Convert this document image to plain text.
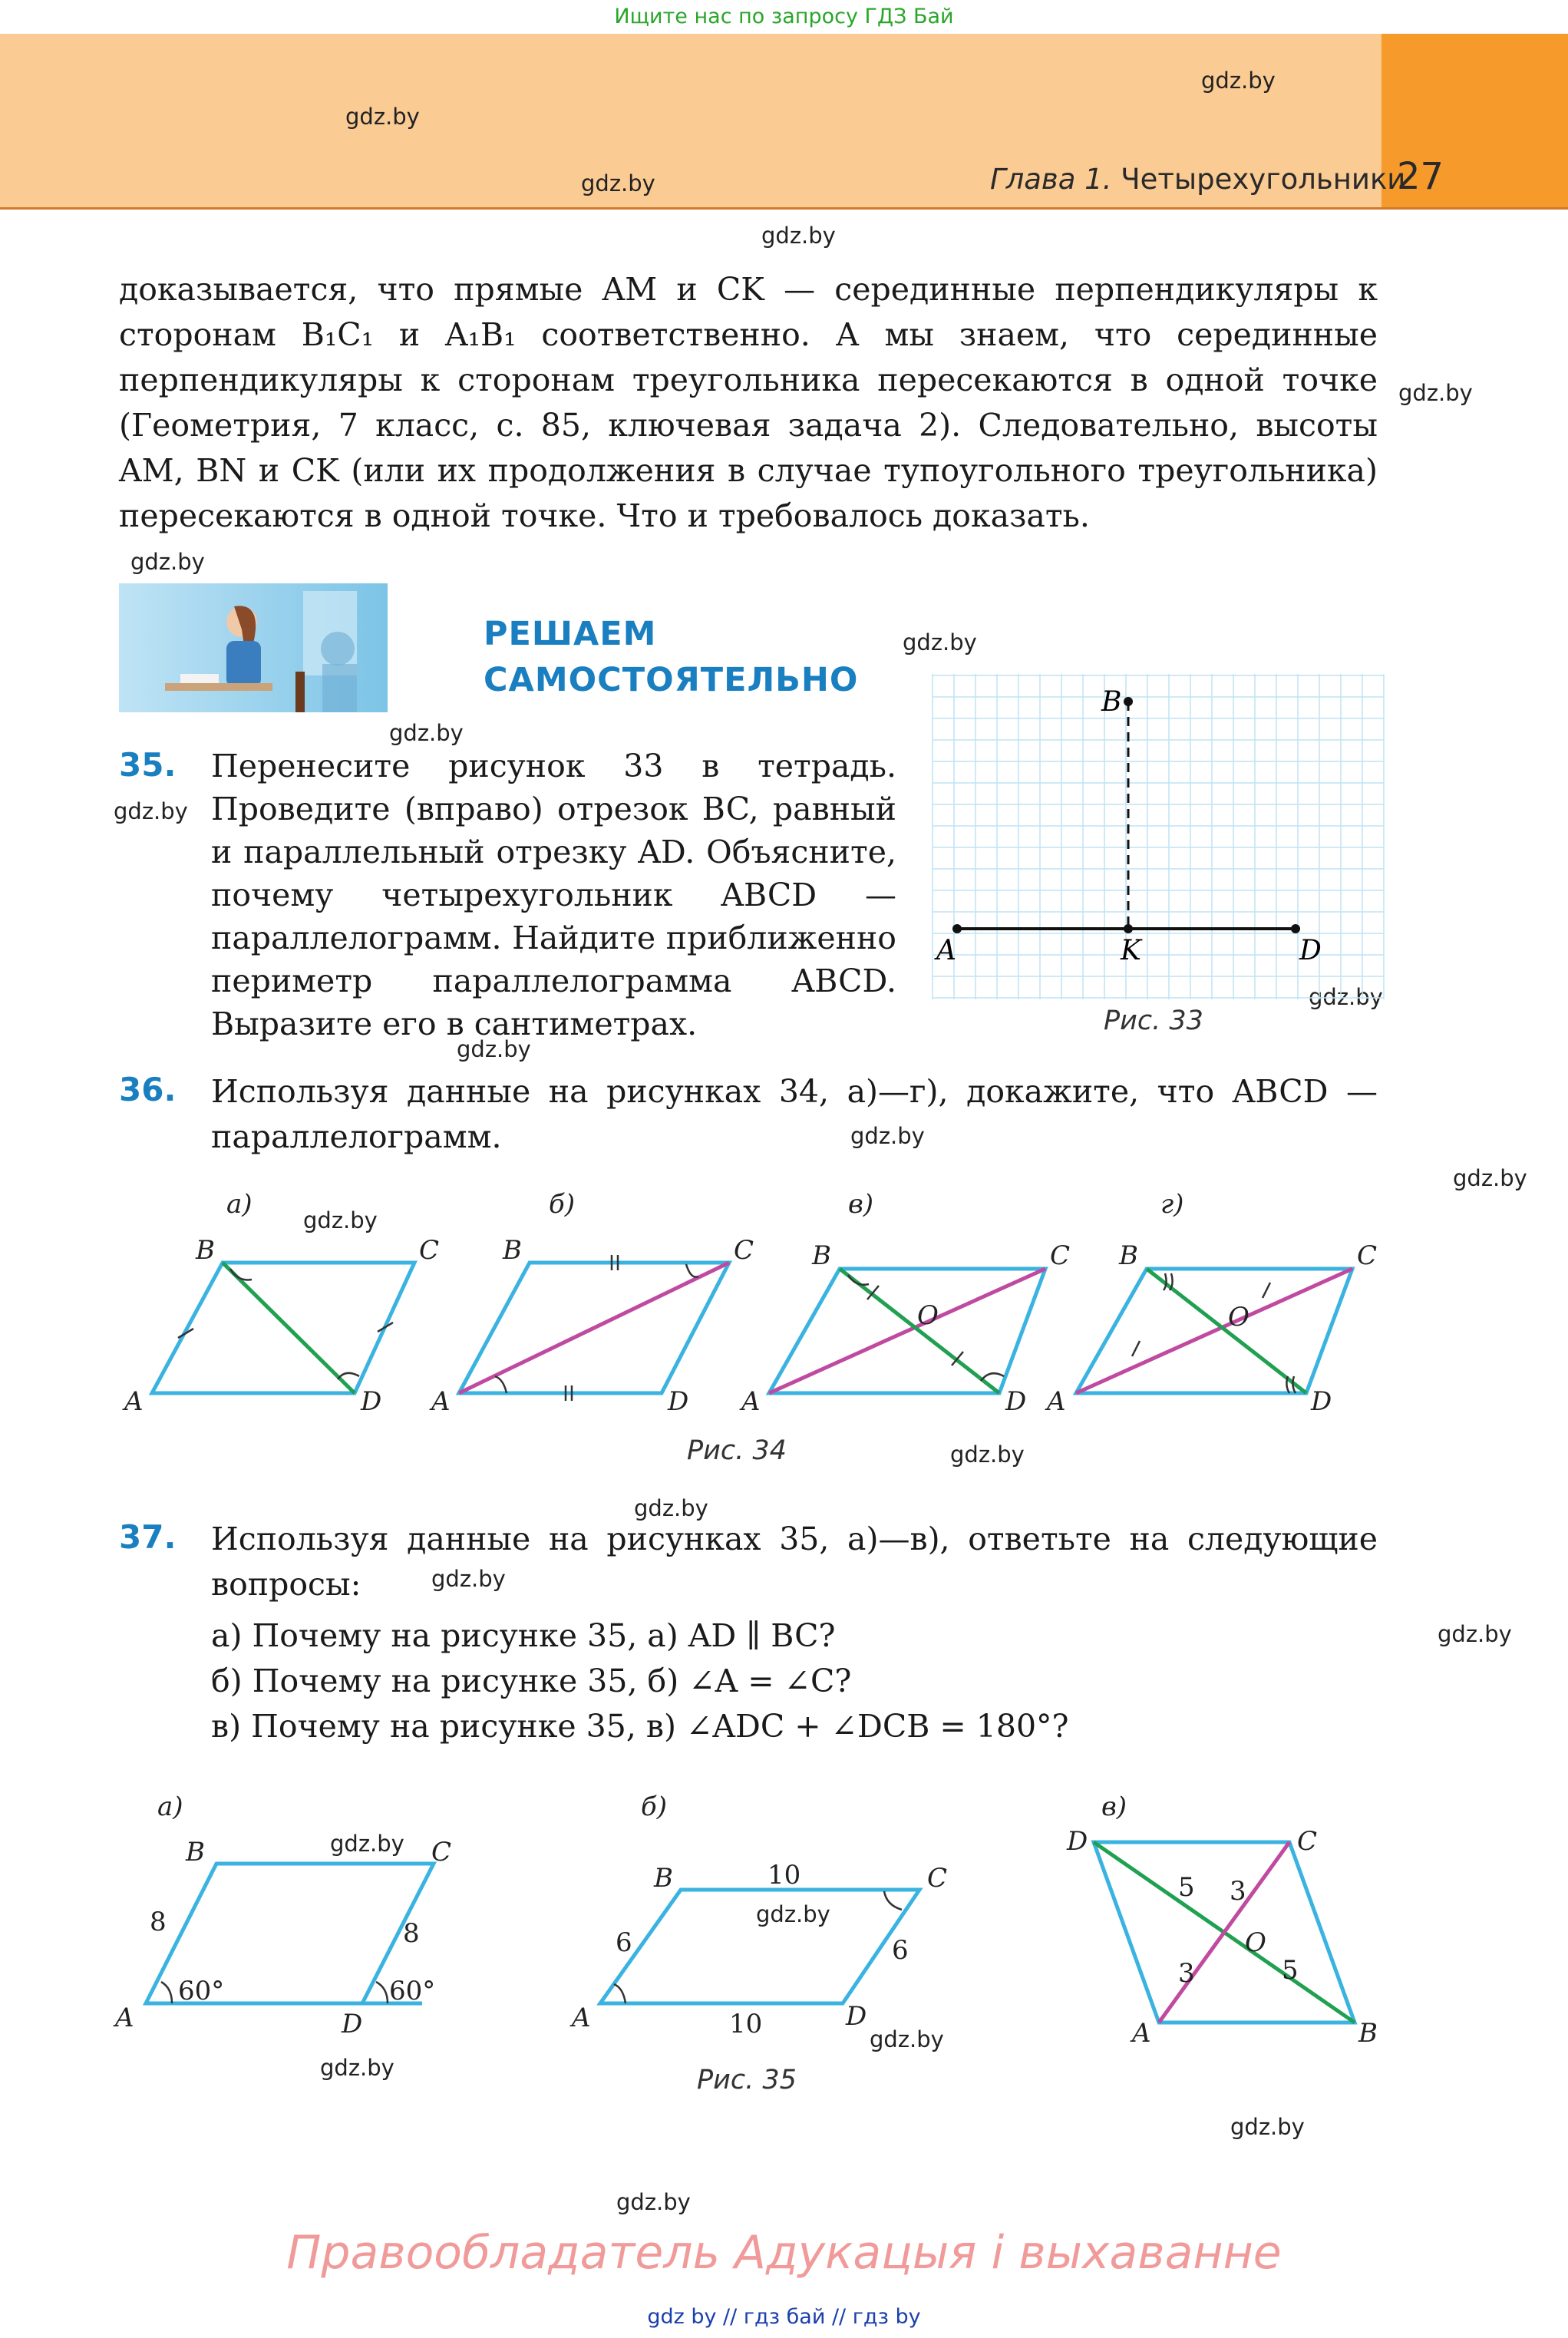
Ищите нас по запросу ГДЗ Бай
Глава 1. Четырехугольники
27
gdz.by
gdz.by
gdz.by
gdz.by
gdz.by
gdz.by
gdz.by
gdz.by
gdz.by
gdz.by
gdz.by
gdz.by
gdz.by
gdz.by
gdz.by
gdz.by
gdz.by
gdz.by
gdz.by
gdz.by
gdz.by
gdz.by
gdz.by
gdz.by
доказывается, что прямые AM и CK — серединные перпендикуляры к сторонам B₁C₁ и A₁B₁ соответственно. А мы знаем, что серединные перпендикуляры к сторонам треугольника пересекаются в одной точке (Геометрия, 7 класс, с. 85, ключевая задача 2). Следовательно, высоты AM, BN и CK (или их продолжения в случае тупоугольного треугольника) пересекаются в одной точке. Что и требовалось доказать.
РЕШАЕМ
САМОСТОЯТЕЛЬНО
35. Перенесите рисунок 33 в тетрадь. Проведите (вправо) отрезок BC, равный и параллельный отрезку AD. Объясните, почему четырехугольник ABCD — параллелограмм. Найдите приближенно периметр параллелограмма ABCD. Выразите его в сантиметрах.
A
B
K	D
Рис. 33
36. Используя данные на рисунках 34, а)—г), докажите, что ABCD — параллелограмм.
а)
A
B	C
D
б)
A
B	C
D
в)
O
A
B	C
D
г)
O
A
B	C
D
Рис. 34
37. Используя данные на рисунках 35, а)—в), ответьте на следующие вопросы:
а) Почему на рисунке 35, а) AD ∥ BC?
б) Почему на рисунке 35, б) ∠A = ∠C?
в) Почему на рисунке 35, в) ∠ADC + ∠DCB = 180°?
а)
A
B	C
D
8	8
60°	60°
б)
A
B	C
D
10
10
6	6
в)
D	C
A	B
O
5 3
3	5
Рис. 35
Правообладатель Адукацыя і выхаванне
gdz by // гдз бай // гдз by
